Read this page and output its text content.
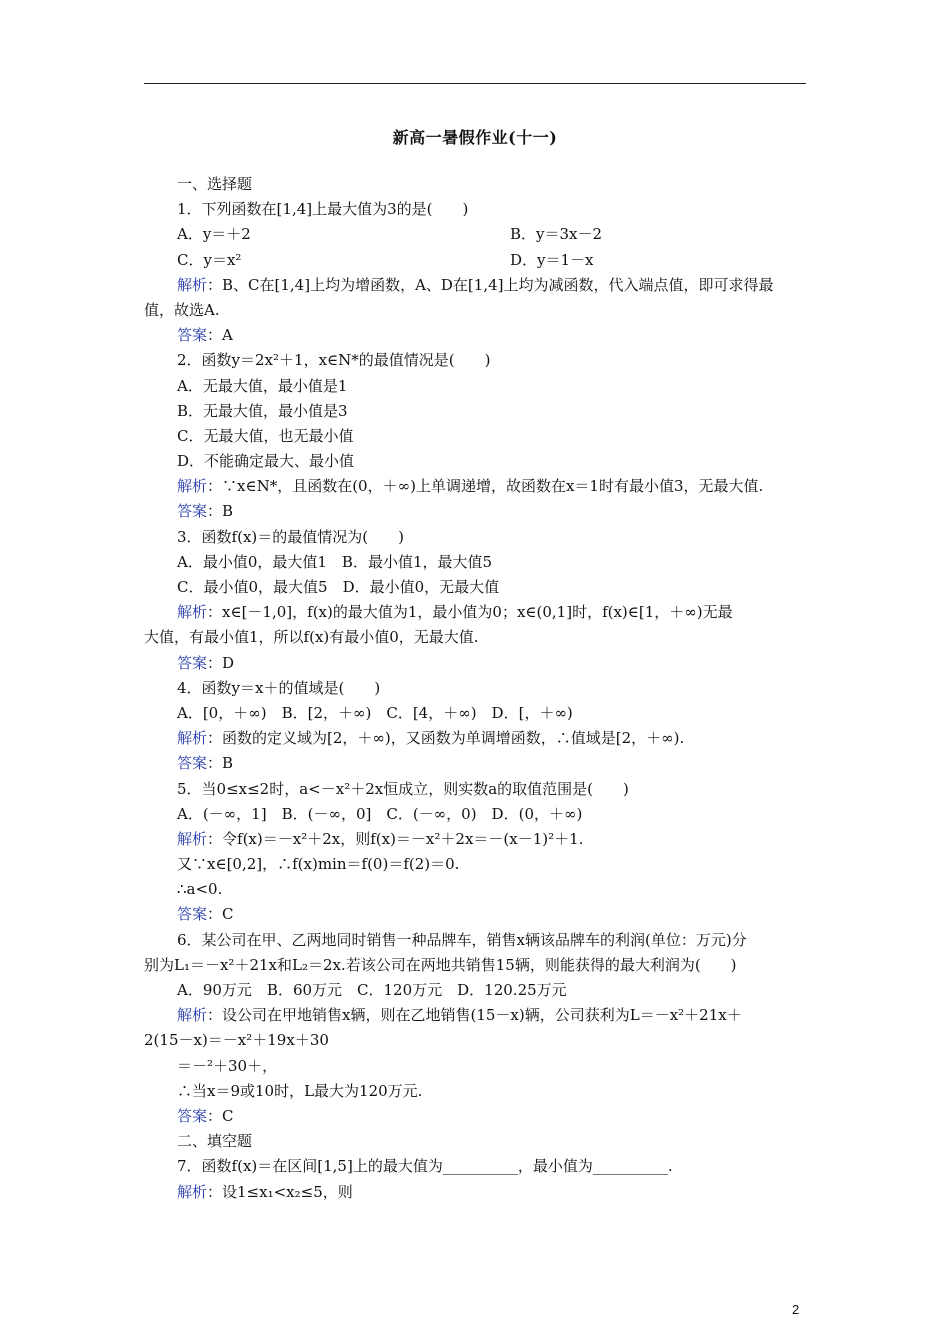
新高一暑假作业(十一)
一、选择题
1．下列函数在[1,4]上最大值为3的是(　　)
A．y＝＋2	B．y＝3x－2
C．y＝x²	D．y＝1－x
解析：B、C在[1,4]上均为增函数，A、D在[1,4]上均为减函数，代入端点值，即可求得最
值，故选A.
答案：A
2．函数y＝2x²＋1，x∈N*的最值情况是(　　)
A．无最大值，最小值是1
B．无最大值，最小值是3
C．无最大值，也无最小值
D．不能确定最大、最小值
解析：∵x∈N*，且函数在(0，＋∞)上单调递增，故函数在x＝1时有最小值3，无最大值.
答案：B
3．函数f(x)＝的最值情况为(　　)
A．最小值0，最大值1　B．最小值1，最大值5
C．最小值0，最大值5　D．最小值0，无最大值
解析：x∈[－1,0]，f(x)的最大值为1，最小值为0；x∈(0,1]时，f(x)∈[1，＋∞)无最
大值，有最小值1，所以f(x)有最小值0，无最大值.
答案：D
4．函数y＝x＋的值域是(　　)
A．[0，＋∞)　B．[2，＋∞)　C．[4，＋∞)　D．[，＋∞)
解析：函数的定义域为[2，＋∞)，又函数为单调增函数，∴值域是[2，＋∞).
答案：B
5．当0≤x≤2时，a<－x²＋2x恒成立，则实数a的取值范围是(　　)
A．(－∞，1]　B．(－∞，0]　C．(－∞，0)　D．(0，＋∞)
解析：令f(x)＝－x²＋2x，则f(x)＝－x²＋2x＝－(x－1)²＋1.
又∵x∈[0,2]，∴f(x)min＝f(0)＝f(2)＝0.
∴a<0.
答案：C
6．某公司在甲、乙两地同时销售一种品牌车，销售x辆该品牌车的利润(单位：万元)分
别为L₁＝－x²＋21x和L₂＝2x.若该公司在两地共销售15辆，则能获得的最大利润为(　　)
A．90万元　B．60万元　C．120万元　D．120.25万元
解析：设公司在甲地销售x辆，则在乙地销售(15－x)辆，公司获利为L＝－x²＋21x＋
2(15－x)＝－x²＋19x＋30
＝－²＋30＋，
∴当x＝9或10时，L最大为120万元.
答案：C
二、填空题
7．函数f(x)＝在区间[1,5]上的最大值为__________，最小值为__________.
解析：设1≤x₁<x₂≤5，则
2
